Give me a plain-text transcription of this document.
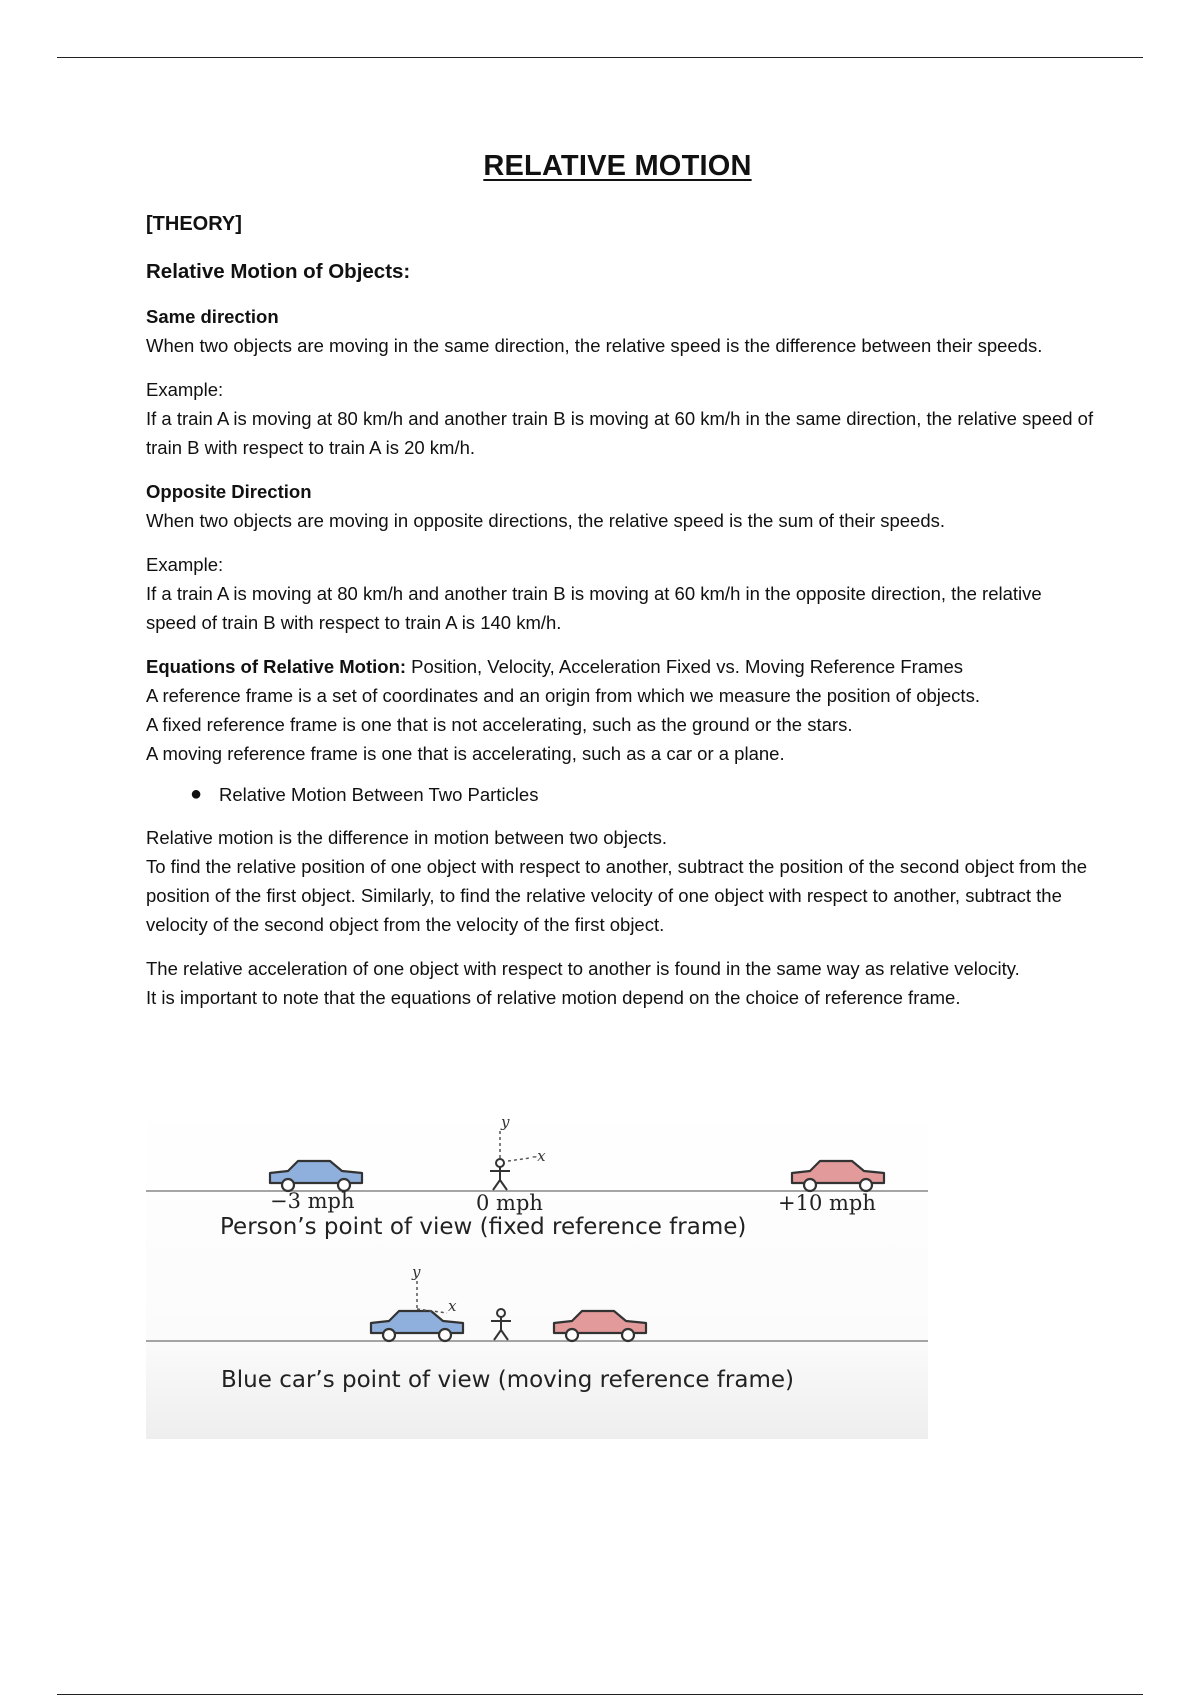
RELATIVE MOTION
[THEORY]
Relative Motion of Objects:
Same direction

When two objects are moving in the same direction, the relative speed is the difference between their speeds.

Example:

If a train A is moving at 80 km/h and another train B is moving at 60 km/h in the same direction, the relative speed of train B with respect to train A is 20 km/h.

Opposite Direction

When two objects are moving in opposite directions, the relative speed is the sum of their speeds.

Example:

If a train A is moving at 80 km/h and another train B is moving at 60 km/h in the opposite direction, the relative speed of train B with respect to train A is 140 km/h.

Equations of Relative Motion: Position, Velocity, Acceleration Fixed vs. Moving Reference Frames

A reference frame is a set of coordinates and an origin from which we measure the position of objects.

A fixed reference frame is one that is not accelerating, such as the ground or the stars.

A moving reference frame is one that is accelerating, such as a car or a plane.

● Relative Motion Between Two Particles

Relative motion is the difference in motion between two objects.

To find the relative position of one object with respect to another, subtract the position of the second object from the position of the first object. Similarly, to find the relative velocity of one object with respect to another, subtract the velocity of the second object from the velocity of the first object.

The relative acceleration of one object with respect to another is found in the same way as relative velocity.

It is important to note that the equations of relative motion depend on the choice of reference frame.

y
-x
−3 mph	0 mph	+10 mph
Person’s point of view (fixed reference frame)
y
x
Blue car’s point of view (moving reference frame)
